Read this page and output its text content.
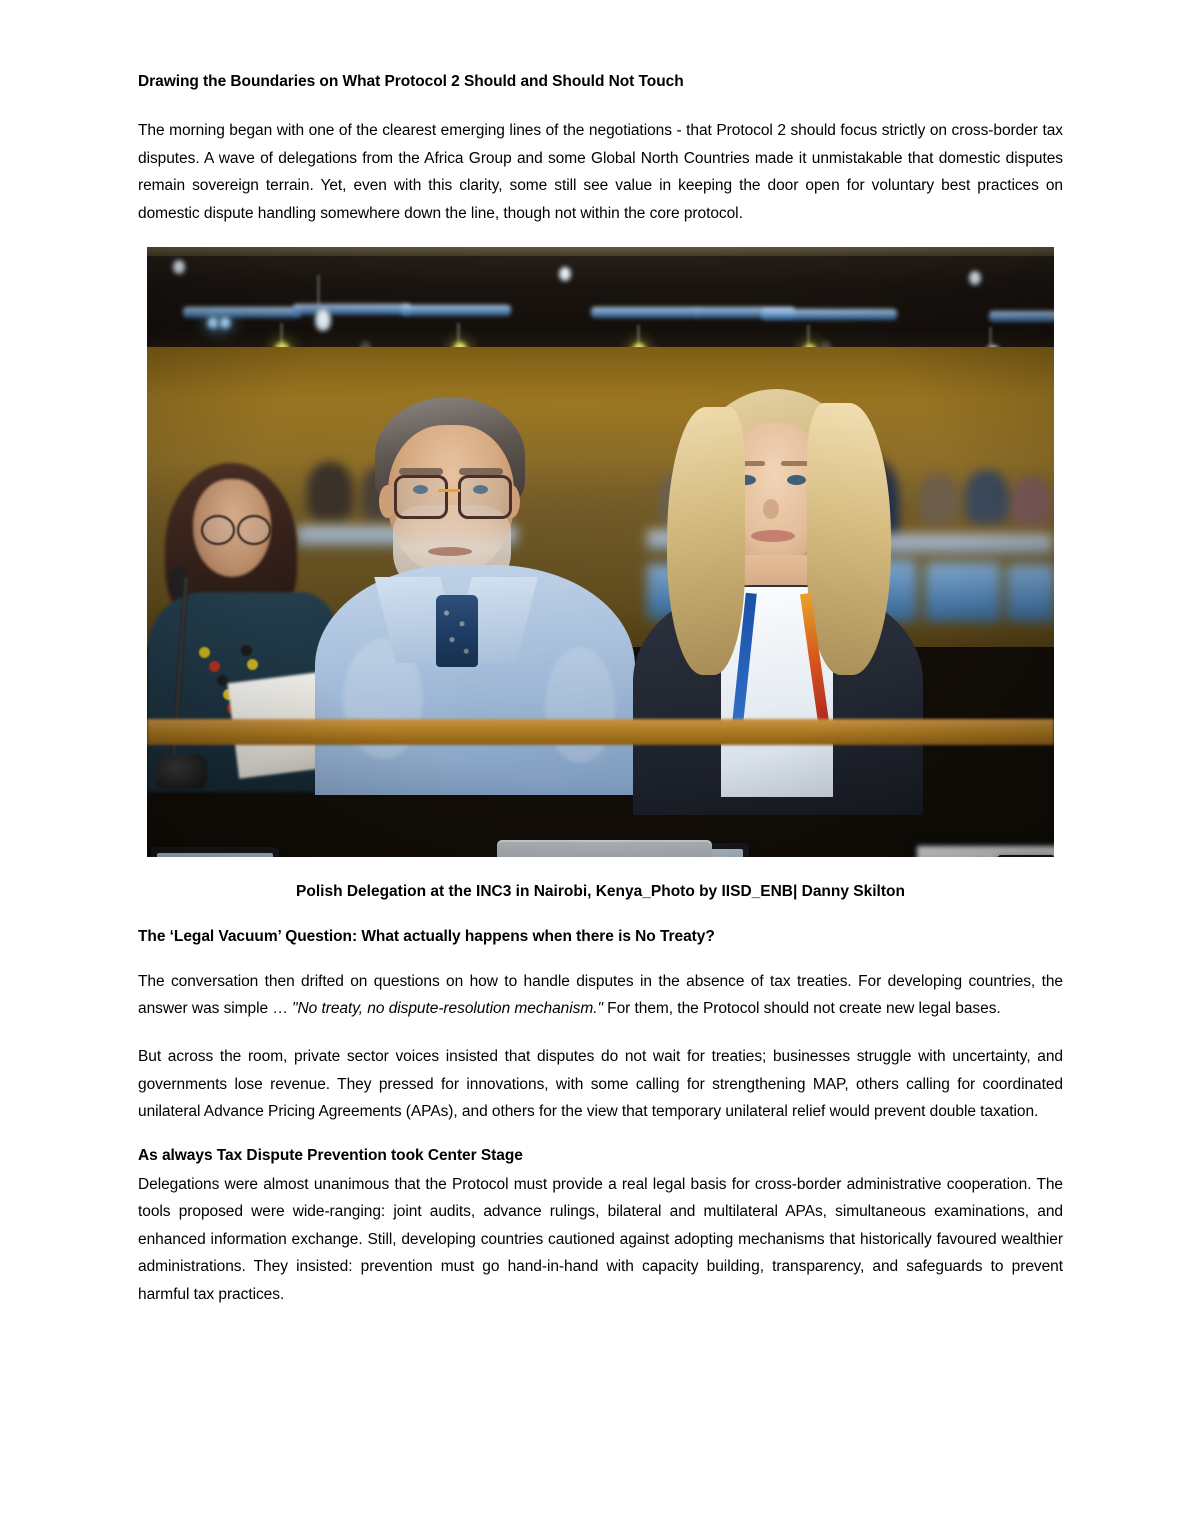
Drawing the Boundaries on What Protocol 2 Should and Should Not Touch

The morning began with one of the clearest emerging lines of the negotiations - that Protocol 2 should focus strictly on cross-border tax disputes. A wave of delegations from the Africa Group and some Global North Countries made it unmistakable that domestic disputes remain sovereign terrain. Yet, even with this clarity, some still see value in keeping the door open for voluntary best practices on domestic dispute handling somewhere down the line, though not within the core protocol.

Polish Delegation at the INC3 in Nairobi, Kenya_Photo by IISD_ENB| Danny Skilton

The ‘Legal Vacuum’ Question: What actually happens when there is No Treaty?

The conversation then drifted on questions on how to handle disputes in the absence of tax treaties. For developing countries, the answer was simple … "No treaty, no dispute-resolution mechanism." For them, the Protocol should not create new legal bases.

But across the room, private sector voices insisted that disputes do not wait for treaties; businesses struggle with uncertainty, and governments lose revenue. They pressed for innovations, with some calling for strengthening MAP, others calling for coordinated unilateral Advance Pricing Agreements (APAs), and others for the view that temporary unilateral relief would prevent double taxation.

As always Tax Dispute Prevention took Center Stage

Delegations were almost unanimous that the Protocol must provide a real legal basis for cross-border administrative cooperation. The tools proposed were wide-ranging: joint audits, advance rulings, bilateral and multilateral APAs, simultaneous examinations, and enhanced information exchange. Still, developing countries cautioned against adopting mechanisms that historically favoured wealthier administrations. They insisted: prevention must go hand-in-hand with capacity building, transparency, and safeguards to prevent harmful tax practices.
